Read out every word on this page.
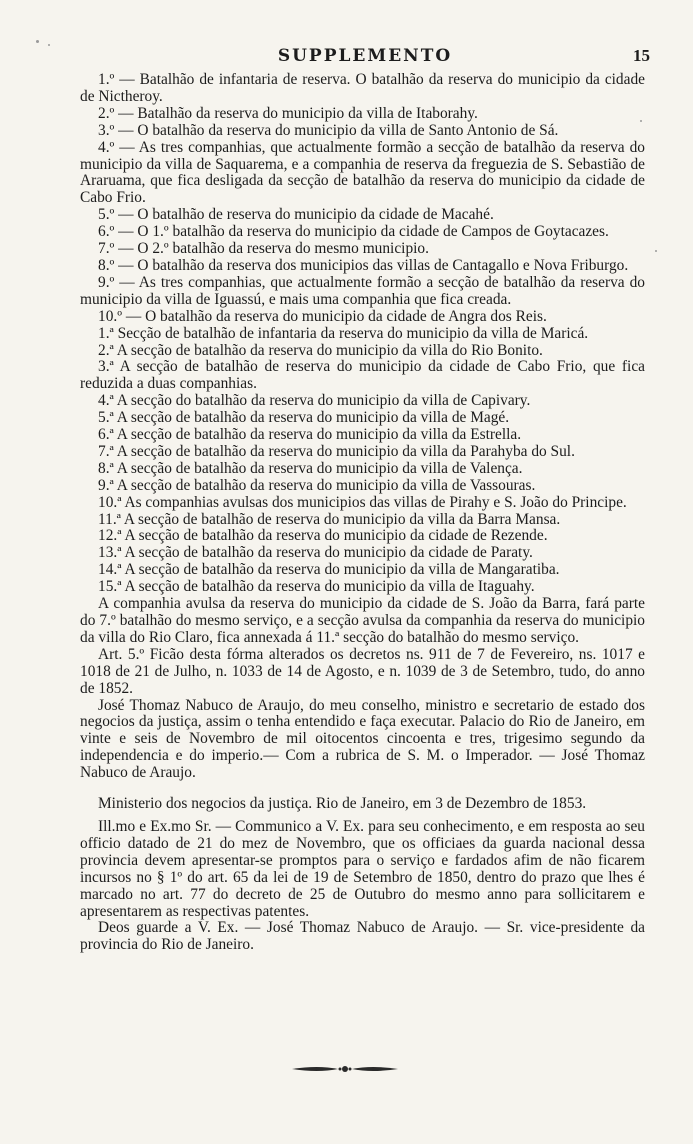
SUPPLEMENTO	15

1.º — Batalhão de infantaria de reserva. O batalhão da reserva do municipio da cidade de Nictheroy.

2.º — Batalhão da reserva do municipio da villa de Itaborahy.

3.º — O batalhão da reserva do municipio da villa de Santo Antonio de Sá.

4.º — As tres companhias, que actualmente formão a secção de batalhão da reserva do municipio da villa de Saquarema, e a companhia de reserva da freguezia de S. Sebastião de Araruama, que fica desligada da secção de batalhão da reserva do municipio da cidade de Cabo Frio.

5.º — O batalhão de reserva do municipio da cidade de Macahé.

6.º — O 1.º batalhão da reserva do municipio da cidade de Campos de Goytacazes.

7.º — O 2.º batalhão da reserva do mesmo municipio.

8.º — O batalhão da reserva dos municipios das villas de Cantagallo e Nova Friburgo.

9.º — As tres companhias, que actualmente formão a secção de batalhão da reserva do municipio da villa de Iguassú, e mais uma companhia que fica creada.

10.º — O batalhão da reserva do municipio da cidade de Angra dos Reis.

1.ª Secção de batalhão de infantaria da reserva do municipio da villa de Maricá.

2.ª A secção de batalhão da reserva do municipio da villa do Rio Bonito.

3.ª A secção de batalhão de reserva do municipio da cidade de Cabo Frio, que fica reduzida a duas companhias.

4.ª A secção do batalhão da reserva do municipio da villa de Capivary.

5.ª A secção de batalhão da reserva do municipio da villa de Magé.

6.ª A secção de batalhão da reserva do municipio da villa da Estrella.

7.ª A secção de batalhão da reserva do municipio da villa da Parahyba do Sul.

8.ª A secção de batalhão da reserva do municipio da villa de Valença.

9.ª A secção de batalhão da reserva do municipio da villa de Vassouras.

10.ª As companhias avulsas dos municipios das villas de Pirahy e S. João do Principe.

11.ª A secção de batalhão de reserva do municipio da villa da Barra Mansa.

12.ª A secção de batalhão da reserva do municipio da cidade de Rezende.

13.ª A secção de batalhão da reserva do municipio da cidade de Paraty.

14.ª A secção de batalhão da reserva do municipio da villa de Mangaratiba.

15.ª A secção de batalhão da reserva do municipio da villa de Itaguahy.

A companhia avulsa da reserva do municipio da cidade de S. João da Barra, fará parte do 7.º batalhão do mesmo serviço, e a secção avulsa da companhia da reserva do municipio da villa do Rio Claro, fica annexada á 11.ª secção do batalhão do mesmo serviço.

Art. 5.º Ficão desta fórma alterados os decretos ns. 911 de 7 de Fevereiro, ns. 1017 e 1018 de 21 de Julho, n. 1033 de 14 de Agosto, e n. 1039 de 3 de Setembro, tudo, do anno de 1852.

José Thomaz Nabuco de Araujo, do meu conselho, ministro e secretario de estado dos negocios da justiça, assim o tenha entendido e faça executar. Palacio do Rio de Janeiro, em vinte e seis de Novembro de mil oitocentos cincoenta e tres, trigesimo segundo da independencia e do imperio.— Com a rubrica de S. M. o Imperador. — José Thomaz Nabuco de Araujo.

Ministerio dos negocios da justiça. Rio de Janeiro, em 3 de Dezembro de 1853.

Ill.mo e Ex.mo Sr. — Communico a V. Ex. para seu conhecimento, e em resposta ao seu officio datado de 21 do mez de Novembro, que os officiaes da guarda nacional dessa provincia devem apresentar-se promptos para o serviço e fardados afim de não ficarem incursos no § 1º do art. 65 da lei de 19 de Setembro de 1850, dentro do prazo que lhes é marcado no art. 77 do decreto de 25 de Outubro do mesmo anno para sollicitarem e apresentarem as respectivas patentes.

Deos guarde a V. Ex. — José Thomaz Nabuco de Araujo. — Sr. vice-presidente da provincia do Rio de Janeiro.
